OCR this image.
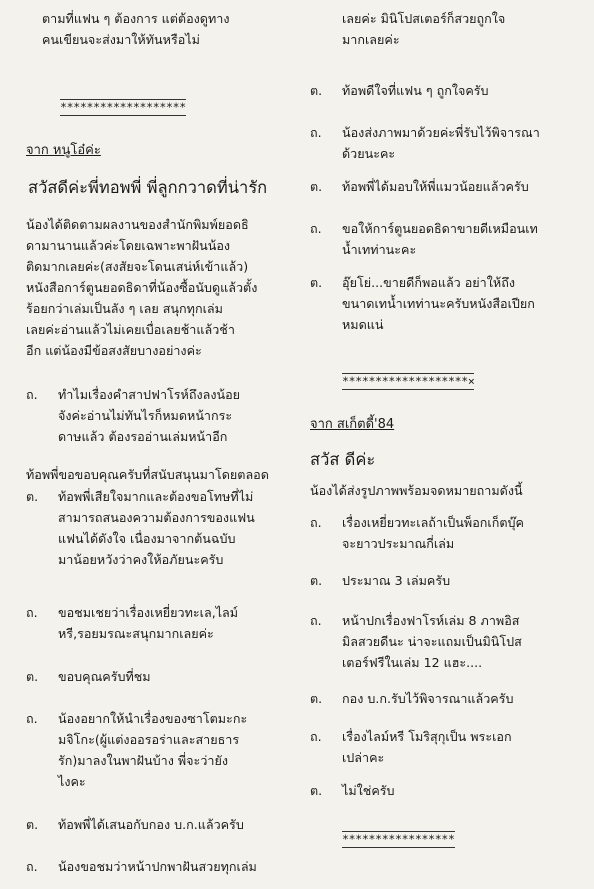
ตามที่แฟน ๆ ต้องการ แต่ต้องดูทาง
คนเขียนจะส่งมาให้ทันหรือไม่
*******************
จาก หนูโอ๋ค่ะ
สวัสดีค่ะพี่ทอพพี่ พี่ลูกกวาดที่น่ารัก
น้องได้ติดตามผลงานของสำนักพิมพ์ยอดธิ
ดามานานแล้วค่ะโดยเฉพาะพาฝันน้อง
ติดมากเลยค่ะ(สงสัยจะโดนเสน่ห์เข้าแล้ว)
หนังสือการ์ตูนยอดธิดาที่น้องซื้อนับดูแล้วตั้ง
ร้อยกว่าเล่มเป็นลัง ๆ เลย สนุกทุกเล่ม
เลยค่ะอ่านแล้วไม่เคยเบื่อเลยช้าแล้วช้า
อีก แต่น้องมีข้อสงสัยบางอย่างค่ะ
ถ. ทำไมเรื่องคำสาปฟาโรห์ถึงลงน้อย
จังค่ะอ่านไม่ทันไรก็หมดหน้ากระ
ดาษแล้ว ต้องรออ่านเล่มหน้าอีก
ท้อพพี่ขอขอบคุณครับที่สนับสนุนมาโดยตลอด
ต. ท้อพพี่เสียใจมากและต้องขอโทษที่ไม่
สามารถสนองความต้องการของแฟน
แฟนได้ดังใจ เนื่องมาจากต้นฉบับ
มาน้อยหวังว่าคงให้อภัยนะครับ
ถ. ขอชมเชยว่าเรื่องเหยี่ยวทะเล,ไลม์
หรี,รอยมรณะสนุกมากเลยค่ะ
ต. ขอบคุณครับที่ชม
ถ. น้องอยากให้นำเรื่องของซาโตมะกะ
มจิโกะ(ผู้แต่งออรอร่าและสายธาร
รัก)มาลงในพาฝันบ้าง พี่จะว่ายัง
ไงคะ
ต. ท้อพพี่ได้เสนอกับกอง บ.ก.แล้วครับ
ถ. น้องขอชมว่าหน้าปกพาฝันสวยทุกเล่ม
เลยค่ะ มินิโปสเตอร์ก็สวยถูกใจ
มากเลยค่ะ
ต. ท้อพดีใจที่แฟน ๆ ถูกใจครับ
ถ. น้องส่งภาพมาด้วยค่ะพี่รับไว้พิจารณา
ด้วยนะคะ
ต. ท้อพพี่ได้มอบให้พี่แมวน้อยแล้วครับ
ถ. ขอให้การ์ตูนยอดธิดาขายดีเหมือนเท
น้ำเทท่านะคะ
ต. อุ๊ยโย่...ขายดีก็พอแล้ว อย่าให้ถึง
ขนาดเทน้ำเทท่านะครับหนังสือเปียก
หมดแน่
*******************×
จาก สเก็ตดี้'84
สวัส ดีค่ะ
น้องได้ส่งรูปภาพพร้อมจดหมายถามดังนี้
ถ. เรื่องเหยี่ยวทะเลถ้าเป็นพ็อกเก็ตบุ๊ค
จะยาวประมาณกี่เล่ม
ต. ประมาณ 3 เล่มครับ
ถ. หน้าปกเรื่องฟาโรห์เล่ม 8 ภาพอิส
มิลสวยดีนะ น่าจะแถมเป็นมินิโปส
เตอร์ฟรีในเล่ม 12 แฮะ....
ต. กอง บ.ก.รับไว้พิจารณาแล้วครับ
ถ. เรื่องไลม์หรี โมริสุกุเป็น พระเอก
เปล่าคะ
ต. ไม่ใช่ครับ
*****************
